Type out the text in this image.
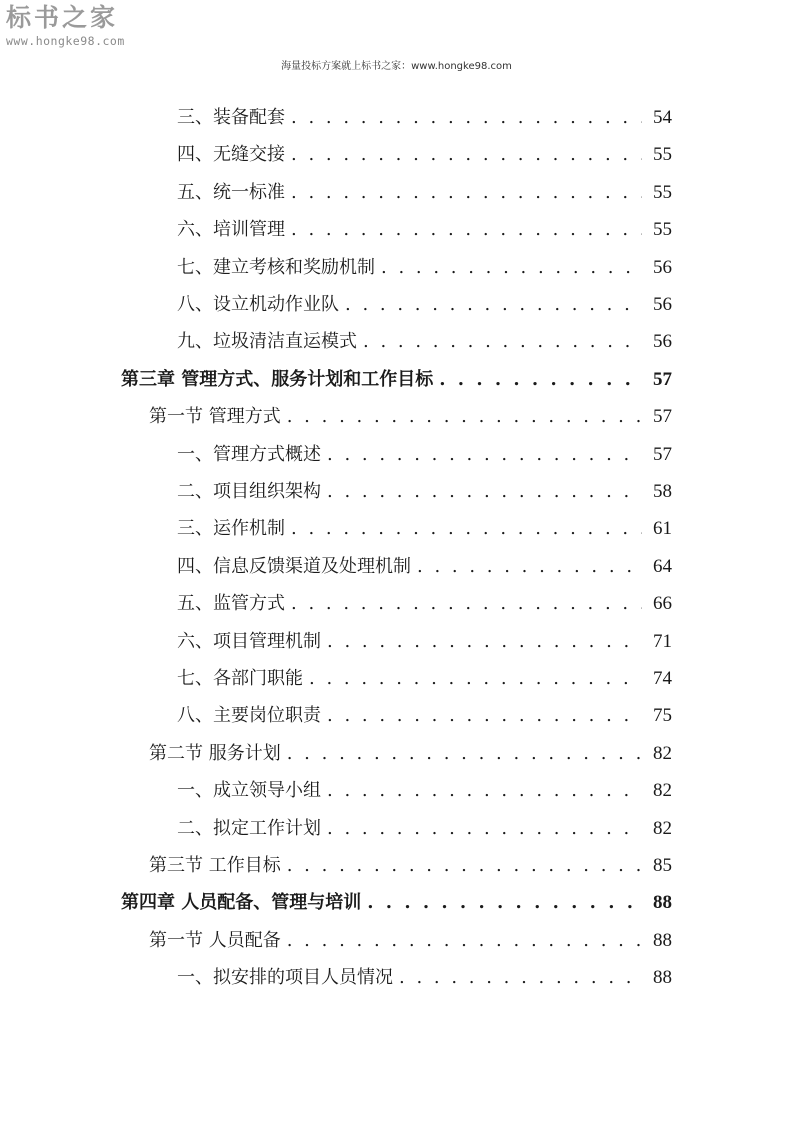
标书之家
www.hongke98.com
海量投标方案就上标书之家：www.hongke98.com
三、装备配套 . . .	54
四、无缝交接 . . .	55
五、统一标准 . . .	55
六、培训管理 . . .	55
七、建立考核和奖励机制 . . .	56
八、设立机动作业队 . . .	56
九、垃圾清洁直运模式 . . .	56
第三章 管理方式、服务计划和工作目标 . . .	57
第一节 管理方式 . . .	57
一、管理方式概述 . . .	57
二、项目组织架构 . . .	58
三、运作机制 . . .	61
四、信息反馈渠道及处理机制 . . .	64
五、监管方式 . . .	66
六、项目管理机制 . . .	71
七、各部门职能 . . .	74
八、主要岗位职责 . . .	75
第二节 服务计划 . . .	82
一、成立领导小组 . . .	82
二、拟定工作计划 . . .	82
第三节 工作目标 . . .	85
第四章 人员配备、管理与培训 . . .	88
第一节 人员配备 . . .	88
一、拟安排的项目人员情况 . . .	88
